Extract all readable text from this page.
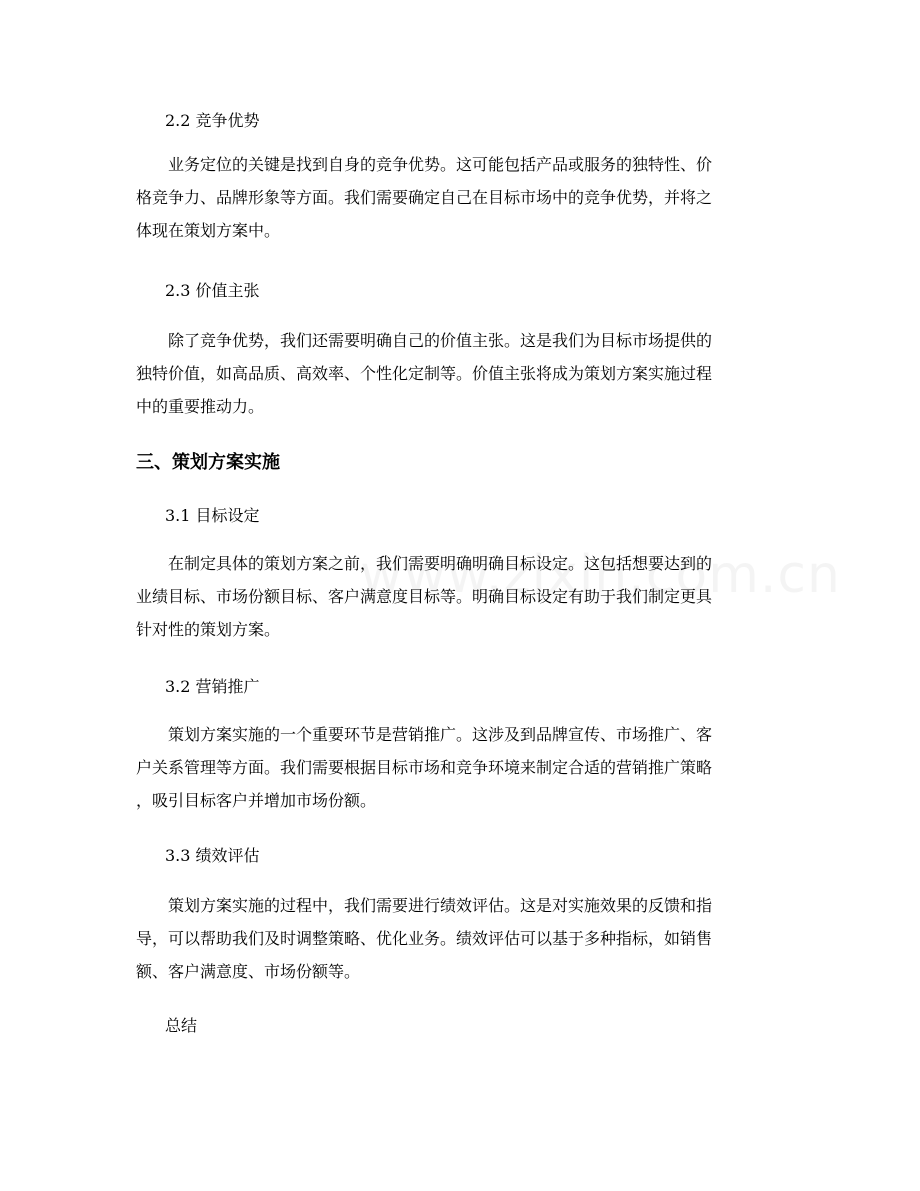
2.2 竞争优势
业务定位的关键是找到自身的竞争优势。这可能包括产品或服务的独特性、价
格竞争力、品牌形象等方面。我们需要确定自己在目标市场中的竞争优势，并将之
体现在策划方案中。
2.3 价值主张
除了竞争优势，我们还需要明确自己的价值主张。这是我们为目标市场提供的
独特价值，如高品质、高效率、个性化定制等。价值主张将成为策划方案实施过程
中的重要推动力。
三、策划方案实施
3.1 目标设定
在制定具体的策划方案之前，我们需要明确明确目标设定。这包括想要达到的
业绩目标、市场份额目标、客户满意度目标等。明确目标设定有助于我们制定更具
针对性的策划方案。
3.2 营销推广
策划方案实施的一个重要环节是营销推广。这涉及到品牌宣传、市场推广、客
户关系管理等方面。我们需要根据目标市场和竞争环境来制定合适的营销推广策略
，吸引目标客户并增加市场份额。
3.3 绩效评估
策划方案实施的过程中，我们需要进行绩效评估。这是对实施效果的反馈和指
导，可以帮助我们及时调整策略、优化业务。绩效评估可以基于多种指标，如销售
额、客户满意度、市场份额等。
总结
